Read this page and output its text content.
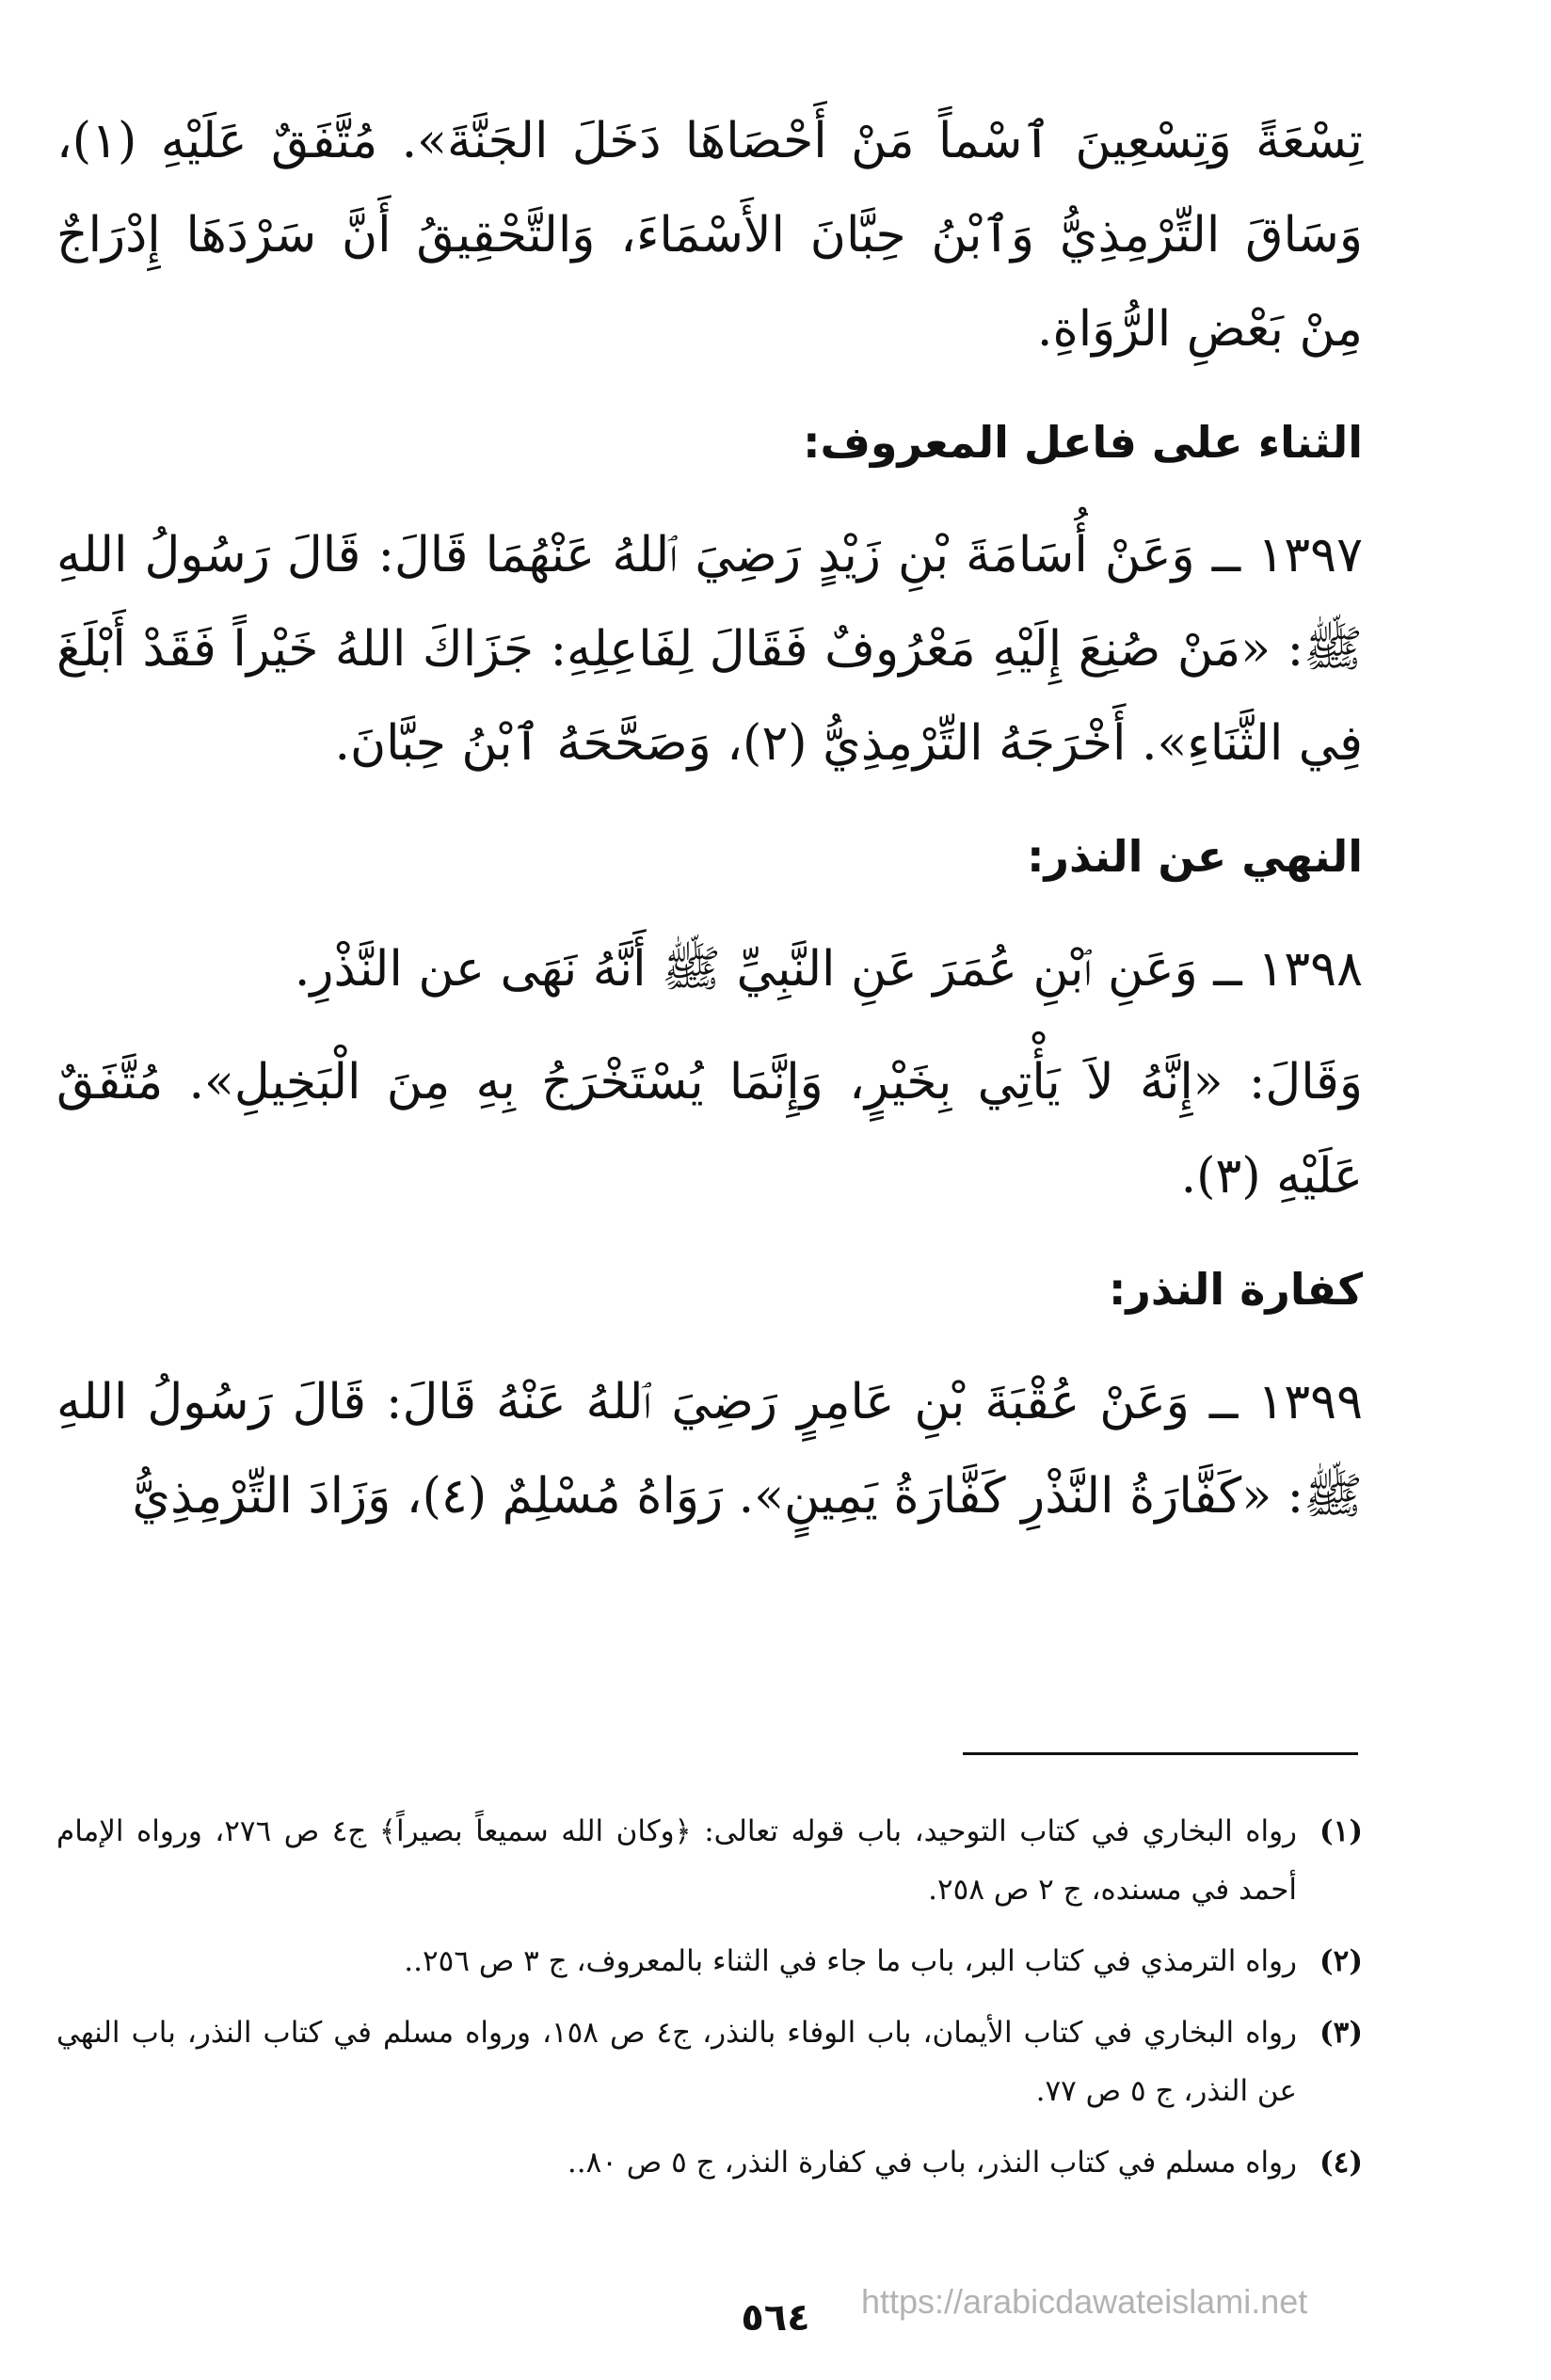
تِسْعَةً وَتِسْعِينَ ٱسْماً مَنْ أَحْصَاهَا دَخَلَ الجَنَّةَ». مُتَّفَقٌ عَلَيْهِ (١)، وَسَاقَ التِّرْمِذِيُّ وَٱبْنُ حِبَّانَ الأَسْمَاءَ، وَالتَّحْقِيقُ أَنَّ سَرْدَهَا إِدْرَاجٌ مِنْ بَعْضِ الرُّوَاةِ.

الثناء على فاعل المعروف:

١٣٩٧ ــ وَعَنْ أُسَامَةَ بْنِ زَيْدٍ رَضِيَ ٱللهُ عَنْهُمَا قَالَ: قَالَ رَسُولُ اللهِ ﷺ: «مَنْ صُنِعَ إِلَيْهِ مَعْرُوفٌ فَقَالَ لِفَاعِلِهِ: جَزَاكَ اللهُ خَيْراً فَقَدْ أَبْلَغَ فِي الثَّنَاءِ». أَخْرَجَهُ التِّرْمِذِيُّ (٢)، وَصَحَّحَهُ ٱبْنُ حِبَّانَ.

النهي عن النذر:

١٣٩٨ ــ وَعَنِ ٱبْنِ عُمَرَ عَنِ النَّبِيِّ ﷺ أَنَّهُ نَهَى عن النَّذْرِ.

وَقَالَ: «إِنَّهُ لاَ يَأْتِي بِخَيْرٍ، وَإِنَّمَا يُسْتَخْرَجُ بِهِ مِنَ الْبَخِيلِ». مُتَّفَقٌ عَلَيْهِ (٣).

كفارة النذر:

١٣٩٩ ــ وَعَنْ عُقْبَةَ بْنِ عَامِرٍ رَضِيَ ٱللهُ عَنْهُ قَالَ: قَالَ رَسُولُ اللهِ ﷺ: «كَفَّارَةُ النَّذْرِ كَفَّارَةُ يَمِينٍ». رَوَاهُ مُسْلِمٌ (٤)، وَزَادَ التِّرْمِذِيُّ

(١)
رواه البخاري في كتاب التوحيد، باب قوله تعالى: ﴿وكان الله سميعاً بصيراً﴾ ج٤ ص ٢٧٦، ورواه الإمام أحمد في مسنده، ج ٢ ص ٢٥٨.
(٢)
رواه الترمذي في كتاب البر، باب ما جاء في الثناء بالمعروف، ج ٣ ص ٢٥٦..
(٣)
رواه البخاري في كتاب الأيمان، باب الوفاء بالنذر، ج٤ ص ١٥٨، ورواه مسلم في كتاب النذر، باب النهي عن النذر، ج ٥ ص ٧٧.
(٤)
رواه مسلم في كتاب النذر، باب في كفارة النذر، ج ٥ ص ٨٠..
٥٦٤	https://arabicdawateislami.net
